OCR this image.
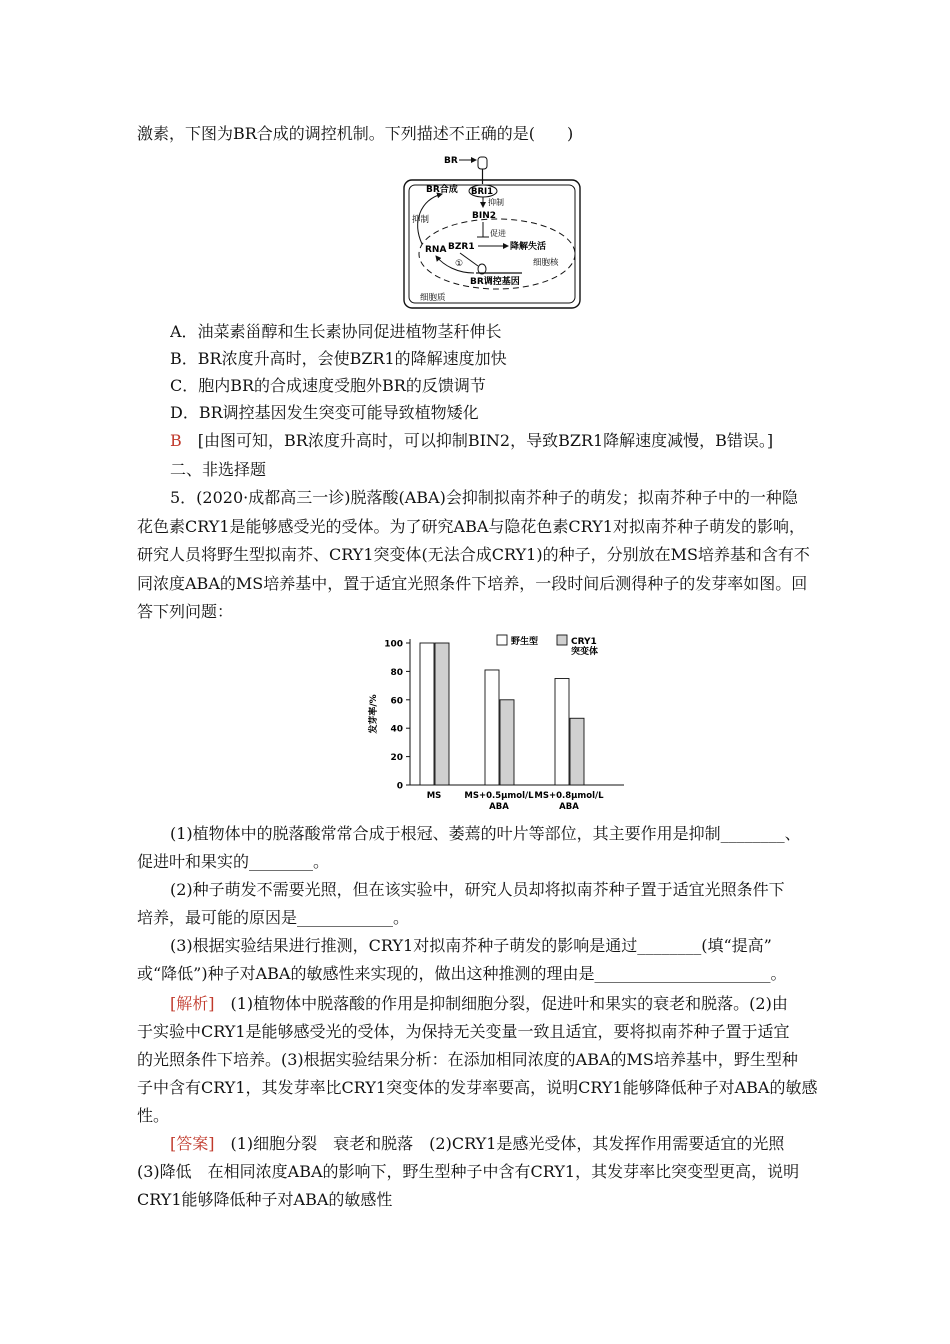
激素，下图为BR合成的调控机制。下列描述不正确的是(　　)
BR
BRI1
BR合成
抑制
BIN2
促进
抑制
RNA BZR1	降解失活
细胞核
①
BR调控基因
细胞质
A．油菜素甾醇和生长素协同促进植物茎秆伸长
B．BR浓度升高时，会使BZR1的降解速度加快
C．胞内BR的合成速度受胞外BR的反馈调节
D．BR调控基因发生突变可能导致植物矮化
B　[由图可知，BR浓度升高时，可以抑制BIN2，导致BZR1降解速度减慢，B错误。]
二、非选择题
5．(2020·成都高三一诊)脱落酸(ABA)会抑制拟南芥种子的萌发；拟南芥种子中的一种隐
花色素CRY1是能够感受光的受体。为了研究ABA与隐花色素CRY1对拟南芥种子萌发的影响，
研究人员将野生型拟南芥、CRY1突变体(无法合成CRY1)的种子，分别放在MS培养基和含有不
同浓度ABA的MS培养基中，置于适宜光照条件下培养，一段时间后测得种子的发芽率如图。回
答下列问题：
0
20
40
60
80
100
发芽率/%
MS	MS+0.5μmol/L
ABA
MS+0.8μmol/L
ABA
野生型	CRY1
突变体
(1)植物体中的脱落酸常常合成于根冠、萎蔫的叶片等部位，其主要作用是抑制________、
促进叶和果实的________。
(2)种子萌发不需要光照，但在该实验中，研究人员却将拟南芥种子置于适宜光照条件下
培养，最可能的原因是____________。
(3)根据实验结果进行推测，CRY1对拟南芥种子萌发的影响是通过________(填“提高”
或“降低”)种子对ABA的敏感性来实现的，做出这种推测的理由是______________________。
[解析]　(1)植物体中脱落酸的作用是抑制细胞分裂，促进叶和果实的衰老和脱落。(2)由
于实验中CRY1是能够感受光的受体，为保持无关变量一致且适宜，要将拟南芥种子置于适宜
的光照条件下培养。(3)根据实验结果分析：在添加相同浓度的ABA的MS培养基中，野生型种
子中含有CRY1，其发芽率比CRY1突变体的发芽率要高，说明CRY1能够降低种子对ABA的敏感
性。
[答案]　(1)细胞分裂　衰老和脱落　(2)CRY1是感光受体，其发挥作用需要适宜的光照
(3)降低　在相同浓度ABA的影响下，野生型种子中含有CRY1，其发芽率比突变型更高，说明
CRY1能够降低种子对ABA的敏感性
